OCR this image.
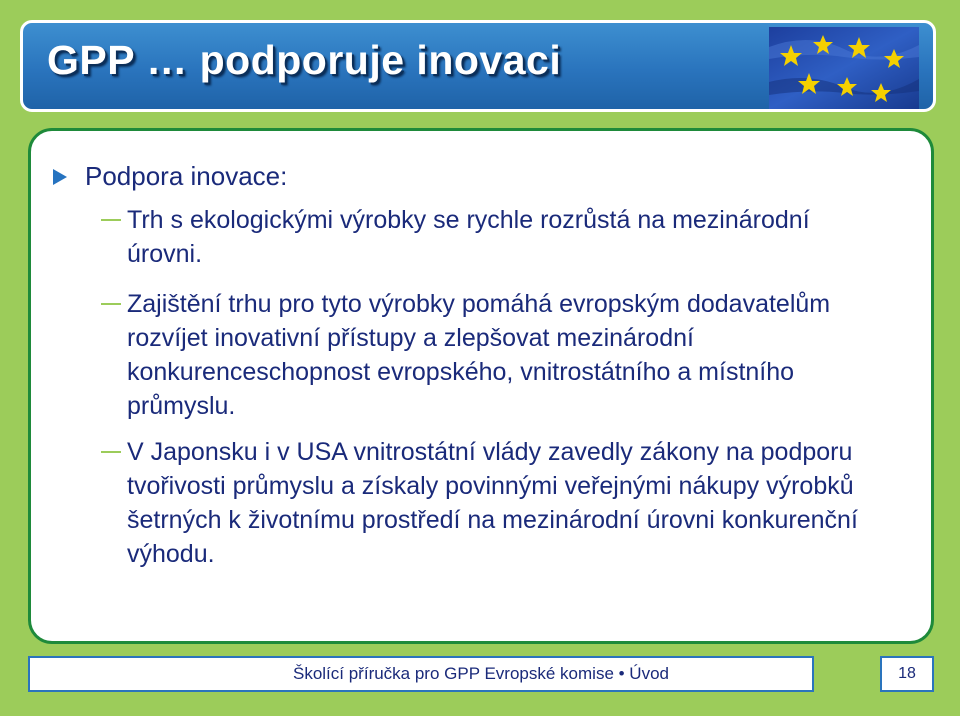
GPP … podporuje inovaci
Podpora inovace:
Trh s ekologickými výrobky se rychle rozrůstá na mezinárodní úrovni.
Zajištění trhu pro tyto výrobky pomáhá evropským dodavatelům rozvíjet inovativní přístupy a zlepšovat mezinárodní konkurenceschopnost evropského, vnitrostátního a místního průmyslu.
V Japonsku i v USA vnitrostátní vlády zavedly zákony na podporu tvořivosti průmyslu a získaly povinnými veřejnými nákupy výrobků šetrných k životnímu prostředí na mezinárodní úrovni konkurenční výhodu.
Školící příručka pro GPP Evropské komise • Úvod	18
